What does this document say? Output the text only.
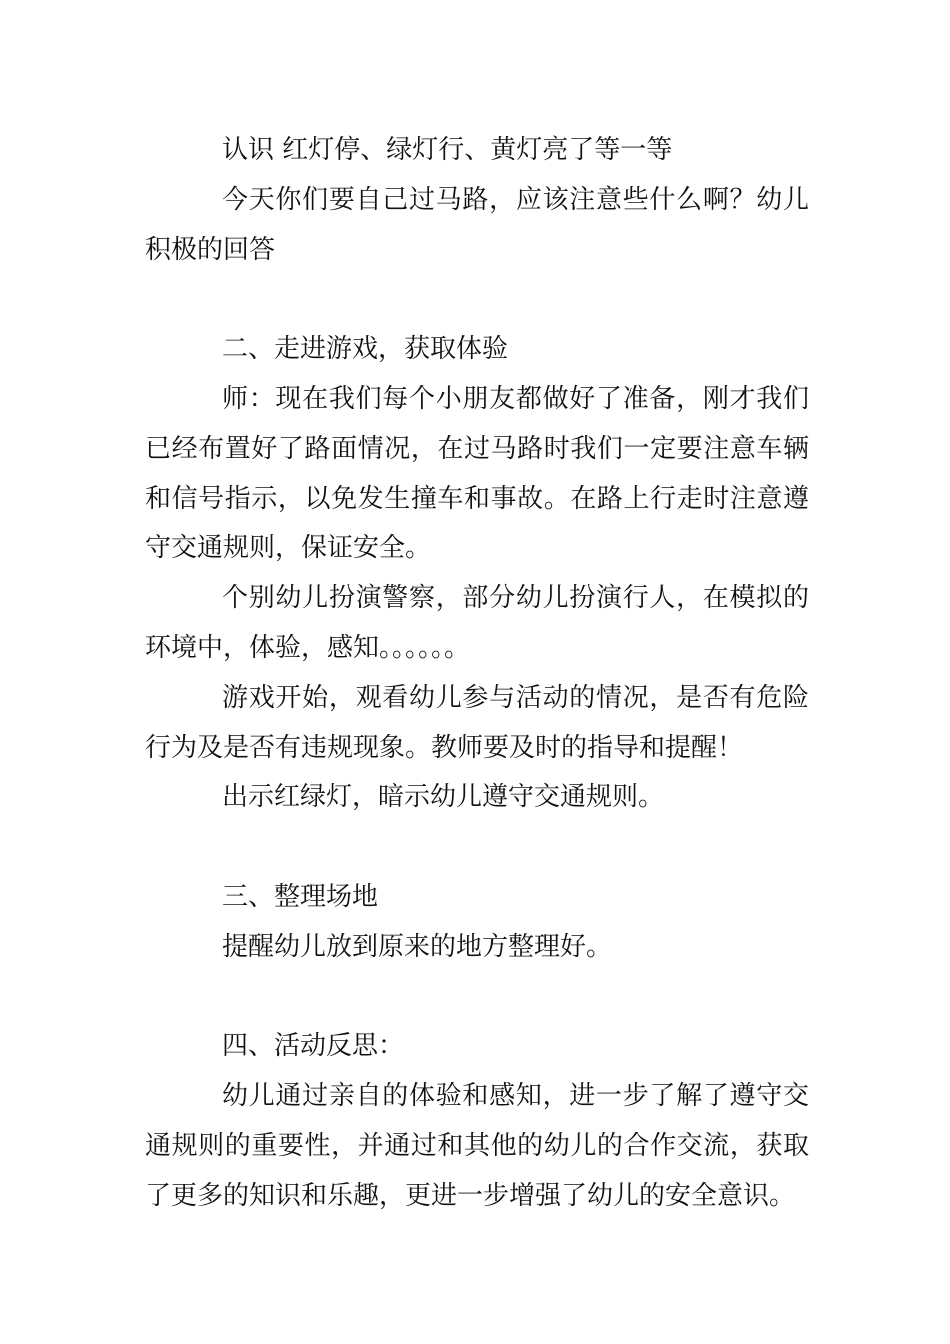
认识 红灯停、绿灯行、黄灯亮了等一等

今天你们要自己过马路，应该注意些什么啊？幼儿积极的回答

二、走进游戏，获取体验

师：现在我们每个小朋友都做好了准备，刚才我们已经布置好了路面情况，在过马路时我们一定要注意车辆和信号指示，以免发生撞车和事故。在路上行走时注意遵守交通规则，保证安全。

个别幼儿扮演警察，部分幼儿扮演行人，在模拟的环境中，体验，感知。。。。。。

游戏开始，观看幼儿参与活动的情况，是否有危险行为及是否有违规现象。教师要及时的指导和提醒！

出示红绿灯，暗示幼儿遵守交通规则。

三、整理场地

提醒幼儿放到原来的地方整理好。

四、活动反思：

幼儿通过亲自的体验和感知，进一步了解了遵守交通规则的重要性，并通过和其他的幼儿的合作交流，获取了更多的知识和乐趣，更进一步增强了幼儿的安全意识。
